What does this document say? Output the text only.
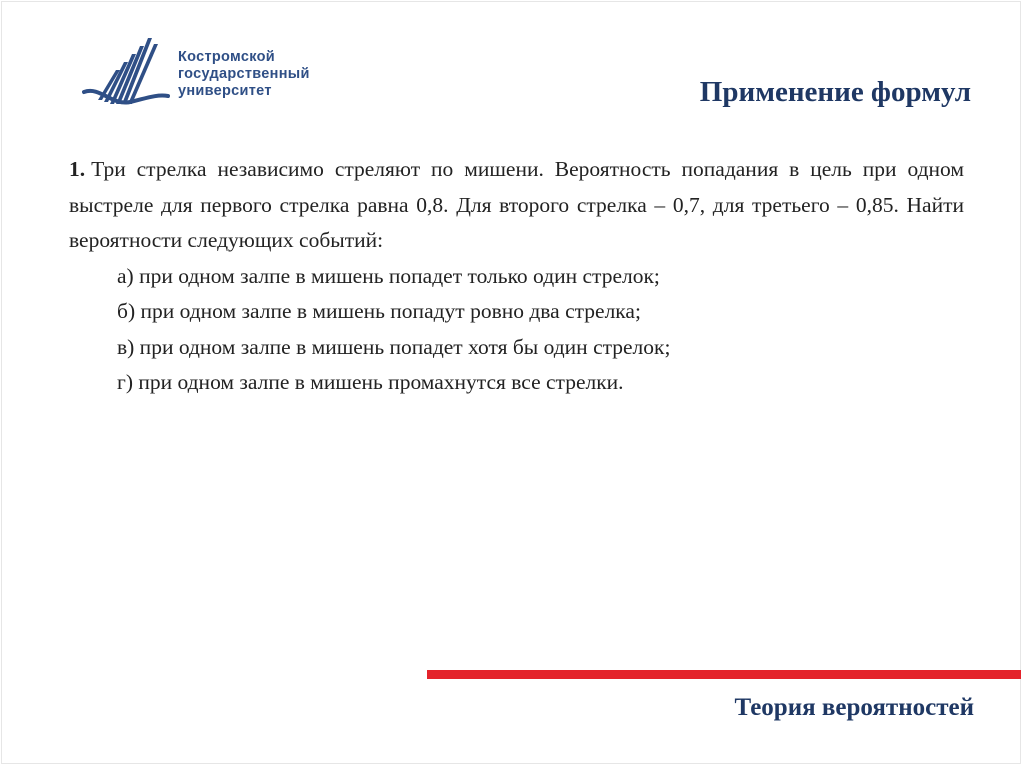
Костромской
государственный
университет	Применение формул

1. Три стрелка независимо стреляют по мишени. Вероятность попадания в цель при одном выстреле для первого стрелка равна 0,8. Для второго стрелка – 0,7, для третьего – 0,85. Найти вероятности следующих событий:

а) при одном залпе в мишень попадет только один стрелок;
б) при одном залпе в мишень попадут ровно два стрелка;
в) при одном залпе в мишень попадет хотя бы один стрелок;
г) при одном залпе в мишень промахнутся все стрелки.
Теория вероятностей
